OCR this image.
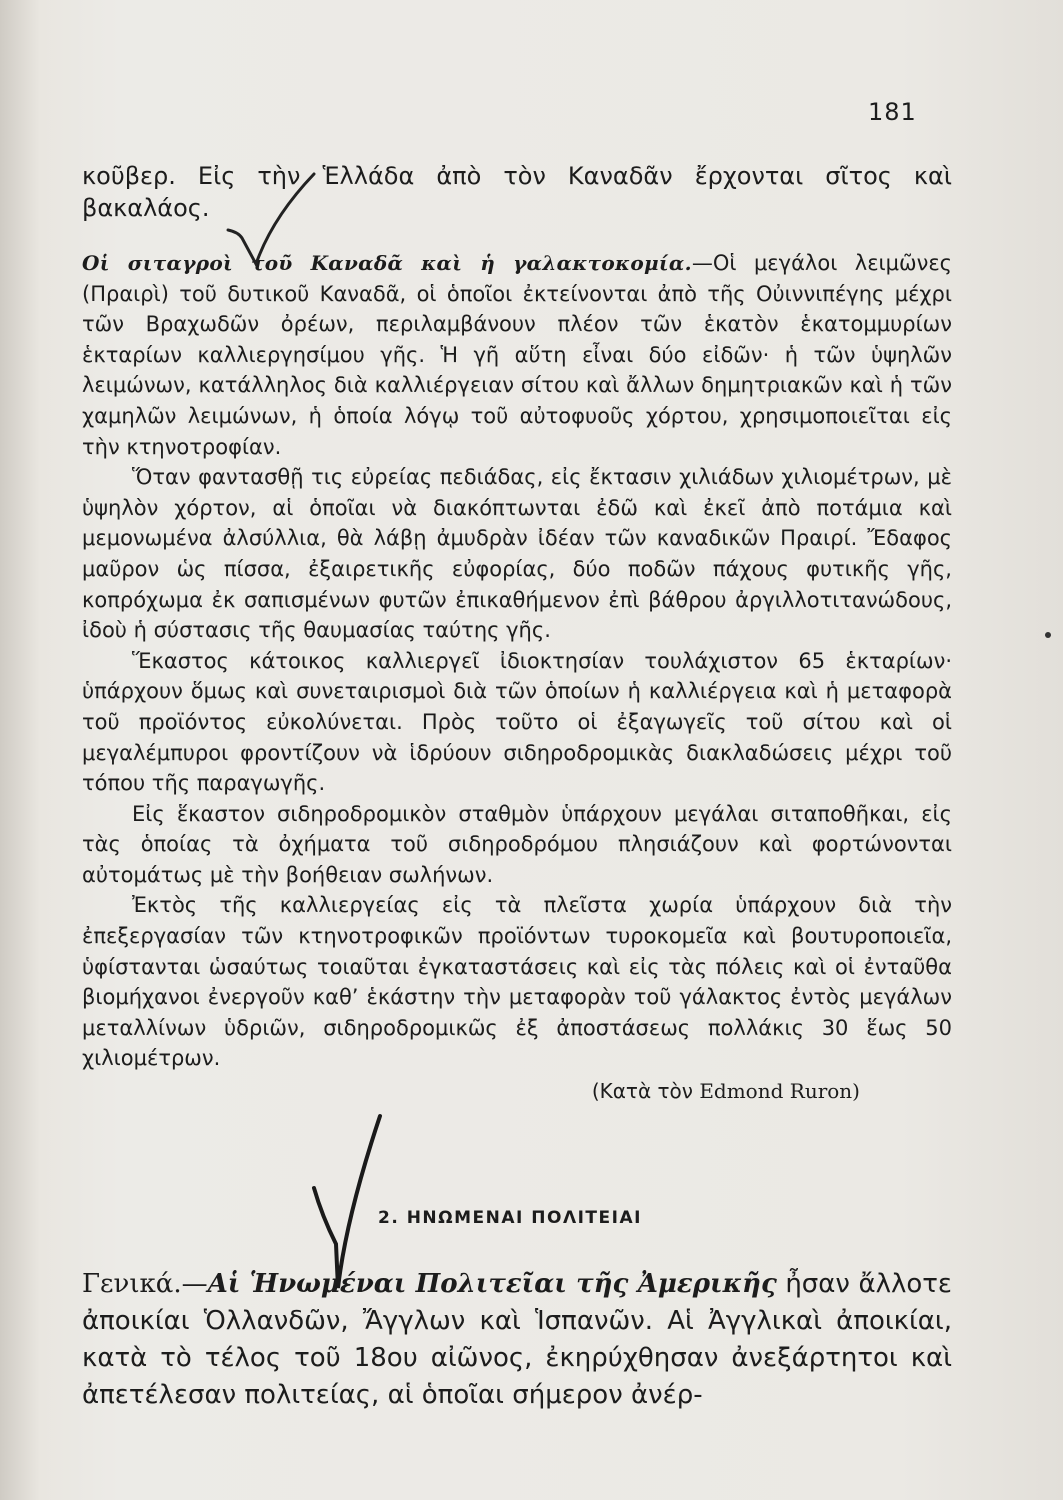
181

κοῦβερ. Εἰς τὴν Ἑλλάδα ἀπὸ τὸν Καναδᾶν ἔρχονται σῖτος καὶ βακαλάος.

Οἱ σιταγροὶ τοῦ Καναδᾶ καὶ ἡ γαλακτοκομία.—Οἱ μεγάλοι λειμῶνες (Πραιρὶ) τοῦ δυτικοῦ Καναδᾶ, οἱ ὁποῖοι ἐκτείνονται ἀπὸ τῆς Οὐιννιπέγης μέχρι τῶν Βραχωδῶν ὀρέων, περιλαμβάνουν πλέον τῶν ἑκατὸν ἑκατομμυρίων ἑκταρίων καλλιεργησίμου γῆς. Ἡ γῆ αὕτη εἶναι δύο εἰδῶν· ἡ τῶν ὑψηλῶν λειμώνων, κατάλληλος διὰ καλλιέργειαν σίτου καὶ ἄλλων δημητριακῶν καὶ ἡ τῶν χαμηλῶν λειμώνων, ἡ ὁποία λόγῳ τοῦ αὐτοφυοῦς χόρτου, χρησιμοποιεῖται εἰς τὴν κτηνοτροφίαν.

Ὅταν φαντασθῇ τις εὐρείας πεδιάδας, εἰς ἔκτασιν χιλιάδων χιλιομέτρων, μὲ ὑψηλὸν χόρτον, αἱ ὁποῖαι νὰ διακόπτωνται ἐδῶ καὶ ἐκεῖ ἀπὸ ποτάμια καὶ μεμονωμένα ἀλσύλλια, θὰ λάβῃ ἀμυδρὰν ἰδέαν τῶν καναδικῶν Πραιρί. Ἔδαφος μαῦρον ὡς πίσσα, ἐξαιρετικῆς εὐφορίας, δύο ποδῶν πάχους φυτικῆς γῆς, κοπρόχωμα ἐκ σαπισμένων φυτῶν ἐπικαθήμενον ἐπὶ βάθρου ἀργιλλοτιτανώδους, ἰδοὺ ἡ σύστασις τῆς θαυμασίας ταύτης γῆς.

Ἕκαστος κάτοικος καλλιεργεῖ ἰδιοκτησίαν τουλάχιστον 65 ἑκταρίων· ὑπάρχουν ὅμως καὶ συνεταιρισμοὶ διὰ τῶν ὁποίων ἡ καλλιέργεια καὶ ἡ μεταφορὰ τοῦ προϊόντος εὐκολύνεται. Πρὸς τοῦτο οἱ ἐξαγωγεῖς τοῦ σίτου καὶ οἱ μεγαλέμπυροι φροντίζουν νὰ ἱδρύουν σιδηροδρομικὰς διακλαδώσεις μέχρι τοῦ τόπου τῆς παραγωγῆς.

Εἰς ἕκαστον σιδηροδρομικὸν σταθμὸν ὑπάρχουν μεγάλαι σιταποθῆκαι, εἰς τὰς ὁποίας τὰ ὀχήματα τοῦ σιδηροδρόμου πλησιάζουν καὶ φορτώνονται αὐτομάτως μὲ τὴν βοήθειαν σωλήνων.

Ἐκτὸς τῆς καλλιεργείας εἰς τὰ πλεῖστα χωρία ὑπάρχουν διὰ τὴν ἐπεξεργασίαν τῶν κτηνοτροφικῶν προϊόντων τυροκομεῖα καὶ βουτυροποιεῖα, ὑφίστανται ὡσαύτως τοιαῦται ἐγκαταστάσεις καὶ εἰς τὰς πόλεις καὶ οἱ ἐνταῦθα βιομήχανοι ἐνεργοῦν καθ’ ἑκάστην τὴν μεταφορὰν τοῦ γάλακτος ἐντὸς μεγάλων μεταλλίνων ὑδριῶν, σιδηροδρομικῶς ἐξ ἀποστάσεως πολλάκις 30 ἕως 50 χιλιομέτρων.

(Κατὰ τὸν Edmond Ruron)
2. ΗΝΩΜΕΝΑΙ ΠΟΛΙΤΕΙΑΙ
Γενικά.—Αἱ Ἡνωμέναι Πολιτεῖαι τῆς Ἀμερικῆς ἦσαν ἄλλοτε ἀποικίαι Ὁλλανδῶν, Ἄγγλων καὶ Ἱσπανῶν. Αἱ Ἀγγλικαὶ ἀποικίαι, κατὰ τὸ τέλος τοῦ 18ου αἰῶνος, ἐκηρύχθησαν ἀνεξάρτητοι καὶ ἀπετέλεσαν πολιτείας, αἱ ὁποῖαι σήμερον ἀνέρ-
